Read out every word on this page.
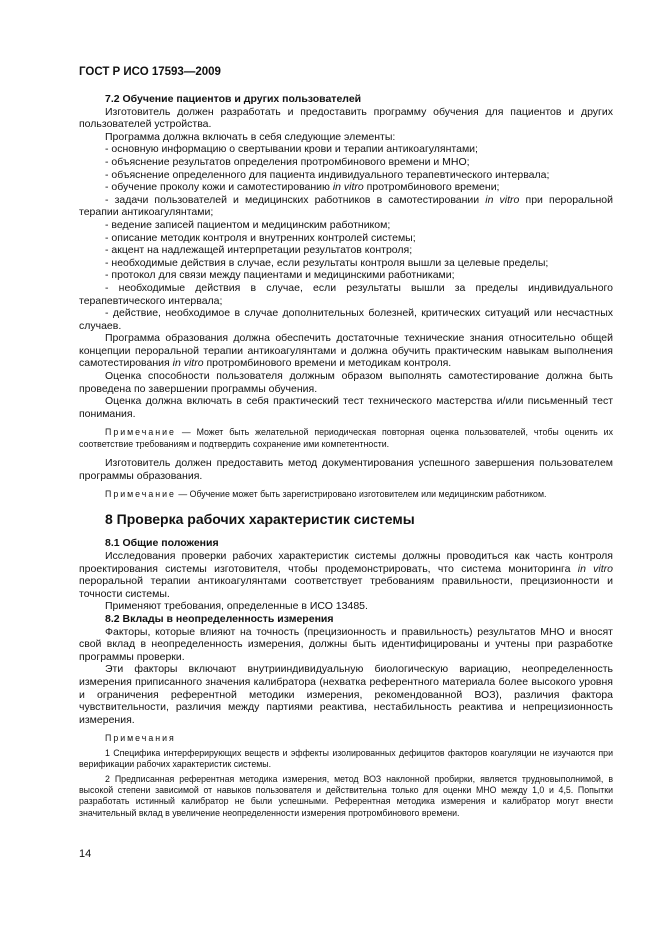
ГОСТ Р ИСО 17593—2009

7.2 Обучение пациентов и других пользователей

Изготовитель должен разработать и предоставить программу обучения для пациентов и других пользователей устройства.

Программа должна включать в себя следующие элементы:

- основную информацию о свертывании крови и терапии антикоагулянтами;

- объяснение результатов определения протромбинового времени и МНО;

- объяснение определенного для пациента индивидуального терапевтического интервала;

- обучение проколу кожи и самотестированию in vitro протромбинового времени;

- задачи пользователей и медицинских работников в самотестировании in vitro при пероральной терапии антикоагулянтами;

- ведение записей пациентом и медицинским работником;

- описание методик контроля и внутренних контролей системы;

- акцент на надлежащей интерпретации результатов контроля;

- необходимые действия в случае, если результаты контроля вышли за целевые пределы;

- протокол для связи между пациентами и медицинскими работниками;

- необходимые действия в случае, если результаты вышли за пределы индивидуального терапевтического интервала;

- действие, необходимое в случае дополнительных болезней, критических ситуаций или несчастных случаев.

Программа образования должна обеспечить достаточные технические знания относительно общей концепции пероральной терапии антикоагулянтами и должна обучить практическим навыкам выполнения самотестирования in vitro протромбинового времени и методикам контроля.

Оценка способности пользователя должным образом выполнять самотестирование должна быть проведена по завершении программы обучения.

Оценка должна включать в себя практический тест технического мастерства и/или письменный тест понимания.

Примечание — Может быть желательной периодическая повторная оценка пользователей, чтобы оценить их соответствие требованиям и подтвердить сохранение ими компетентности.

Изготовитель должен предоставить метод документирования успешного завершения пользователем программы образования.

Примечание — Обучение может быть зарегистрировано изготовителем или медицинским работником.

8 Проверка рабочих характеристик системы

8.1 Общие положения

Исследования проверки рабочих характеристик системы должны проводиться как часть контроля проектирования системы изготовителя, чтобы продемонстрировать, что система мониторинга in vitro пероральной терапии антикоагулянтами соответствует требованиям правильности, прецизионности и точности системы.

Применяют требования, определенные в ИСО 13485.

8.2 Вклады в неопределенность измерения

Факторы, которые влияют на точность (прецизионность и правильность) результатов МНО и вносят свой вклад в неопределенность измерения, должны быть идентифицированы и учтены при разработке программы проверки.

Эти факторы включают внутрииндивидуальную биологическую вариацию, неопределенность измерения приписанного значения калибратора (нехватка референтного материала более высокого уровня и ограничения референтной методики измерения, рекомендованной ВОЗ), различия фактора чувствительности, различия между партиями реактива, нестабильность реактива и непрецизионность измерения.

Примечания

1 Специфика интерферирующих веществ и эффекты изолированных дефицитов факторов коагуляции не изучаются при верификации рабочих характеристик системы.

2 Предписанная референтная методика измерения, метод ВОЗ наклонной пробирки, является трудновыполнимой, в высокой степени зависимой от навыков пользователя и действительна только для оценки МНО между 1,0 и 4,5. Попытки разработать истинный калибратор не были успешными. Референтная методика измерения и калибратор могут внести значительный вклад в увеличение неопределенности измерения протромбинового времени.

14
